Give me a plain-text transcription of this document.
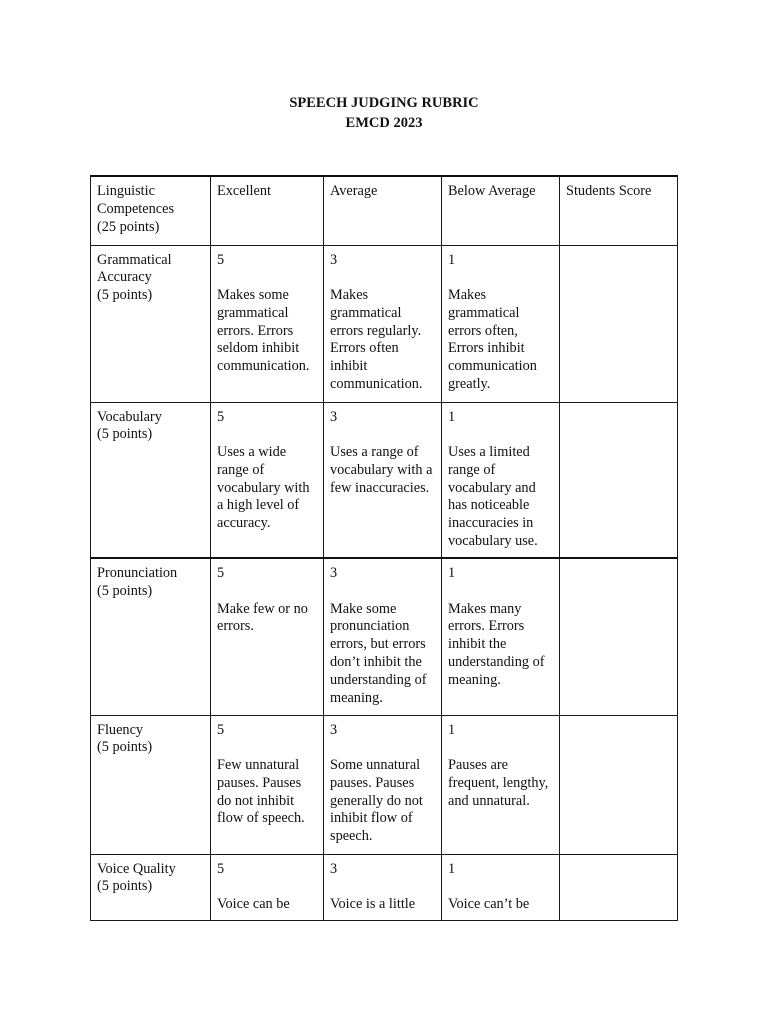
SPEECH JUDGING RUBRIC
EMCD 2023
Linguistic
Competences
(25 points)	Excellent	Average	Below Average	Students Score
Grammatical
Accuracy
(5 points)	5
Makes some grammatical errors. Errors seldom inhibit communication.	3
Makes grammatical errors regularly. Errors often inhibit communication.	1
Makes grammatical errors often, Errors inhibit communication greatly.	

Vocabulary
(5 points)	5
Uses a wide range of vocabulary with a high level of accuracy.	3
Uses a range of vocabulary with a few inaccuracies.	1
Uses a limited range of vocabulary and has noticeable inaccuracies in vocabulary use.	

Pronunciation
(5 points)	5
Make few or no errors.	3
Make some pronunciation errors, but errors don’t inhibit the understanding of meaning.	1
Makes many errors. Errors inhibit the understanding of meaning.	

Fluency
(5 points)	5
Few unnatural pauses. Pauses do not inhibit flow of speech.	3
Some unnatural pauses. Pauses generally do not inhibit flow of speech.	1
Pauses are frequent, lengthy, and unnatural.	

Voice Quality
(5 points)	5
Voice can be	3
Voice is a little	1
Voice can’t be	
